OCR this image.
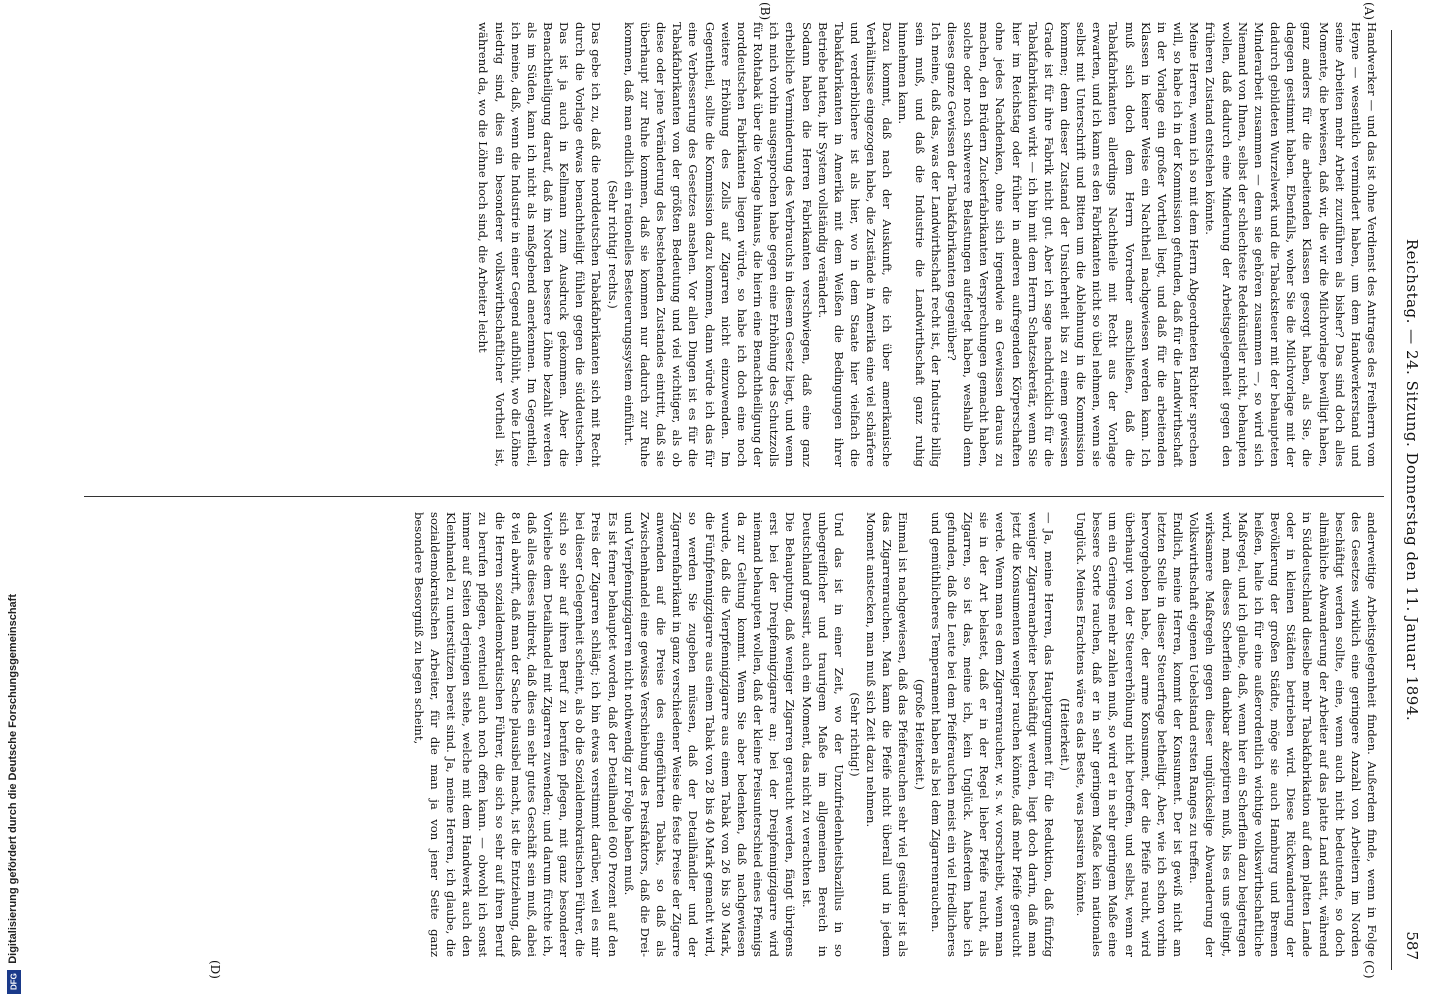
Reichstag. — 24. Sitzung. Donnerstag den 11. Januar 1894.
587
(A)
(B)
(C)
(D)

Handwerker — und das ist ohne Verdienst des Antrages des Freiherrn vom Heyne — wesentlich vermindert haben, um dem Handwerkerstand und seine Arbeiten mehr Arbeit zuzuführen als bisher? Das sind doch alles Momente, die bewiesen, daß wir, die wir die Milchvorlage bewilligt haben, ganz anders für die arbeitenden Klassen gesorgt haben, als Sie, die dagegen gestimmt haben. Ebenfalls, woher Sie die Milchvorlage mit der dadurch gebildeten Wurzelwerk und die Tabacksteuer mit der behaupteten Minderarbeit zusammen — denn sie gehören zusammen —, so wird sich Niemand von Ihnen, selbst der schlechteste Redekünstler nicht, behaupten wollen, daß dadurch eine Minderung der Arbeitsgelegenheit gegen den früheren Zustand entstehen könnte.

Meine Herren, wenn ich so mit dem Herrn Abgeordneten Richter sprechen will, so habe ich in der Kommission gefunden, daß für die Landwirthschaft in der Vorlage ein großer Vortheil liegt, und daß für die arbeitenden Klassen in keiner Weise ein Nachtheil nachgewiesen werden kann. Ich muß sich doch dem Herrn Vorredner anschließen, daß die Tabakfabrikanten allerdings Nachtheile mit Recht aus der Vorlage erwarten, und ich kann es den Fabrikanten nicht so übel nehmen, wenn sie selbst mit Unterschrift und Bitten um die Ablehnung in die Kommission kommen; denn dieser Zustand der Unsicherheit bis zu einem gewissen Grade ist für ihre Fabrik nicht gut. Aber ich sage nachdrücklich für die Tabakfabrikation wirkt — ich bin mit dem Herrn Schatzsekretär, wenn Sie hier im Reichstag oder früher in anderen aufregenden Körperschaften ohne jedes Nachdenken, ohne sich irgendwie an Gewissen daraus zu machen, den Brüdern Zuckerfabrikanten Versprechungen gemacht haben, solche oder noch schwerere Belastungen auferlegt haben, weshalb denn dieses ganze Gewissen der Tabakfabrikanten gegenüber?

Ich meine, daß das, was der Landwirthschaft recht ist, der Industrie billig sein muß, und daß die Industrie die Landwirthschaft ganz ruhig hinnehmen kann.

Dazu kommt, daß nach der Auskunft, die ich über amerikanische Verhältnisse eingezogen habe, die Zustände in Amerika eine viel schärfere und verderblichere ist als hier, wo in dem Staate hier vielfach die Tabakfabrikanten in Amerika mit dem Weißen die Bedingungen ihrer Betriebe hatten, ihr System vollständig verändert.

Sodann haben die Herren Fabrikanten verschwiegen, daß eine ganz erhebliche Verminderung des Verbrauchs in diesem Gesetz liegt, und wenn ich mich vorhin ausgesprochen habe gegen eine Erhöhung des Schutzzolls für Rohtabak über die Vorlage hinaus, die hierin eine Benachtheiligung der norddeutschen Fabrikanten liegen würde, so habe ich doch eine noch weitere Erhöhung des Zolls auf Zigarren nicht einzuwenden. Im Gegentheil, sollte die Kommission dazu kommen, dann würde ich das für eine Verbesserung des Gesetzes ansehen. Vor allen Dingen ist es für die Tabakfabrikanten von der größten Bedeutung und viel wichtiger, als ob diese oder jene Veränderung des bestehenden Zustandes eintritt, daß sie überhaupt zur Ruhe kommen, daß sie kommen nur dadurch zur Ruhe kommen, daß man endlich ein rationelles Besteuerungssystem einführt.

(Sehr richtig! rechts.)

Das gebe ich zu, daß die norddeutschen Tabakfabrikanten sich mit Recht durch die Vorlage etwas benachtheiligt fühlen gegen die süddeutschen. Das ist ja auch in Kellmann zum Ausdruck gekommen. Aber die Benachtheiligung darauf, daß im Norden bessere Löhne bezahlt werden als im Süden, kann ich nicht als maßgebend anerkennen. Im Gegentheil, ich meine, daß, wenn die Industrie in einer Gegend aufblüht, wo die Löhne niedrig sind, dies ein besonderer volkswirthschaftlicher Vortheil ist, während da, wo die Löhne hoch sind, die Arbeiter leicht

anderweitige Arbeitsgelegenheit finden. Außerdem finde, wenn in Folge des Gesetzes wirklich eine geringere Anzahl von Arbeitern im Norden beschäftigt werden sollte, eine, wenn auch nicht bedeutende, so doch allmähliche Abwanderung der Arbeiter auf das platte Land statt, während in Süddeutschland dieselbe mehr Tabakfabrikation auf dem platten Lande oder in kleinen Städten betrieben wird. Diese Rückwanderung der Bevölkerung der großen Städte, möge sie auch Hamburg und Bremen heißen, halte ich für eine außerordentlich wichtige volkswirthschaftliche Maßregel, und ich glaube, daß, wenn hier ein Scherflein dazu beigetragen wird, man dieses Scherflein dankbar akzeptiren muß, bis es uns gelingt, wirksamere Maßregeln gegen dieser unglückselige Abwanderung der Volkswirthschaft eigenen Uebelstand ersten Ranges zu treffen.

Endlich, meine Herren, kommt der Konsument. Der ist gewiß nicht am letzten Stelle in dieser Steuerfrage betheiligt. Aber, wie ich schon vorhin hervorgehoben habe, der arme Konsument, der die Pfeife raucht, wird überhaupt von der Steuererhöhung nicht betroffen, und selbst, wenn er um ein Geringes mehr zahlen muß, so wird er in sehr geringem Maße eine bessere Sorte rauchen, daß er in sehr geringem Maße kein nationales Unglück. Meines Erachtens wäre es das Beste, was passiren könnte.

(Heiterkeit.)

— Ja, meine Herren, das Hauptargument für die Reduktion, daß fünfzig weniger Zigarrenarbeiter beschäftigt werden, liegt doch darin, daß man jetzt die Konsumenten weniger rauchen könnte, daß mehr Pfeife geraucht werde. Wenn man es dem Zigarrenraucher, w. s. w. vorschreibt, wenn man sie in der Art belastet, daß er in der Regel lieber Pfeife raucht, als Zigarren, so ist das, meine ich, kein Unglück. Außerdem habe ich gefunden, daß die Leute bei dem Pfeiferauchen meist ein viel friedlicheres und gemüthlicheres Temperament haben als bei dem Zigarrenrauchen.

(große Heiterkeit.)

Einmal ist nachgewiesen, daß das Pfeiferauchen sehr viel gesünder ist als das Zigarrenrauchen. Man kann die Pfeife nicht überall und in jedem Moment anstecken, man muß sich Zeit dazu nehmen.

(Sehr richtig!)

Und das ist in einer Zeit, wo der Unzufriedenheitsbazillus in so unbegreiflicher und traurigem Maße im allgemeinen Bereich in Deutschland grassirt, auch ein Moment, das nicht zu verachten ist.

Die Behauptung, daß weniger Zigarren geraucht werden, fängt übrigens erst bei der Dreipfennigzigarre an; bei der Dreipfennigzigarre wird niemand behaupten wollen, daß der kleine Preisunterschied eines Pfennigs da zur Geltung kommt. Wenn Sie aber bedenken, daß nachgewiesen wurde, daß die Vierpfennigzigarre aus einem Tabak von 26 bis 30 Mark, die Fünfpfennigzigarre aus einem Tabak von 28 bis 40 Mark gemacht wird, so werden Sie zugeben müssen, daß der Detailhändler und der Zigarrenfabrikant in ganz verschiedener Weise die feste Preise der Zigarre anwenden auf die Preise des eingeführten Tabaks, so daß als Zwischenhandel eine gewisse Verschiebung des Preisfaktors, daß die Drei- und Vierpfennigzigarren nicht nothwendig zur Folge haben muß.

Es ist ferner behauptet worden, daß der Detailhandel 600 Prozent auf den Preis der Zigarren schlägt; ich bin etwas verstimmt darüber, weil es mir bei dieser Gelegenheit scheint, als ob die Sozialdemokratischen Führer, die sich so sehr auf ihren Beruf zu berufen pflegen, mit ganz besonderer Vorliebe dem Detailhandel mit Zigarren zuwenden; und darum fürchte ich, daß alles dieses indirekt, daß dies ein sehr gutes Geschäft sein muß, dabei 8 viel abwirft, daß man der Sache plausibel macht, ist die Entziehung, daß die Herren sozialdemokratischen Führer, die sich so sehr auf ihren Beruf zu berufen pflegen, eventuell auch noch offen kann. — obwohl ich sonst immer auf Seiten derjenigen stehe, welche mit dem Handwerk auch den Kleinhandel zu unterstützen bereit sind. Ja, meine Herren, ich glaube, die sozialdemokratischen Arbeiter, für die man ja von jener Seite ganz besondere Besorgniß zu hegen scheint,

Digitalisierung gefördert durch die Deutsche Forschungsgemeinschaft
DFG
